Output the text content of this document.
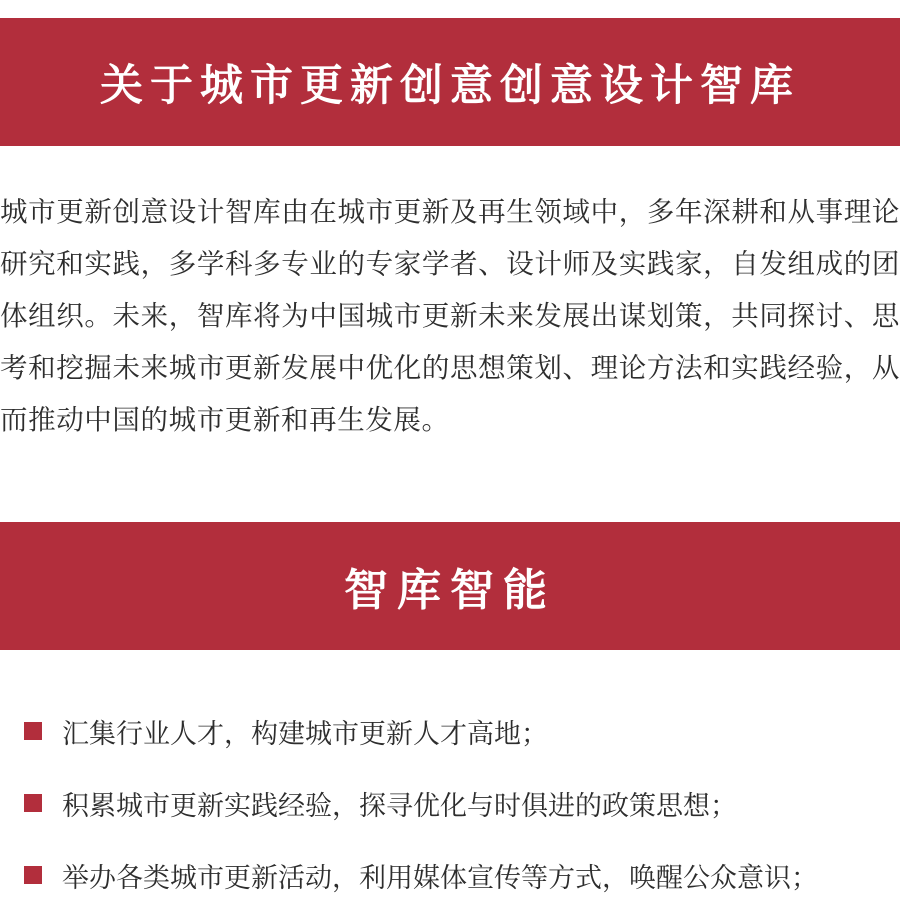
关于城市更新创意创意设计智库
城市更新创意设计智库由在城市更新及再生领域中，多年深耕和从事理论研究和实践，多学科多专业的专家学者、设计师及实践家，自发组成的团体组织。未来，智库将为中国城市更新未来发展出谋划策，共同探讨、思考和挖掘未来城市更新发展中优化的思想策划、理论方法和实践经验，从而推动中国的城市更新和再生发展。
智库智能
汇集行业人才，构建城市更新人才高地；
积累城市更新实践经验，探寻优化与时俱进的政策思想；
举办各类城市更新活动，利用媒体宣传等方式，唤醒公众意识；
